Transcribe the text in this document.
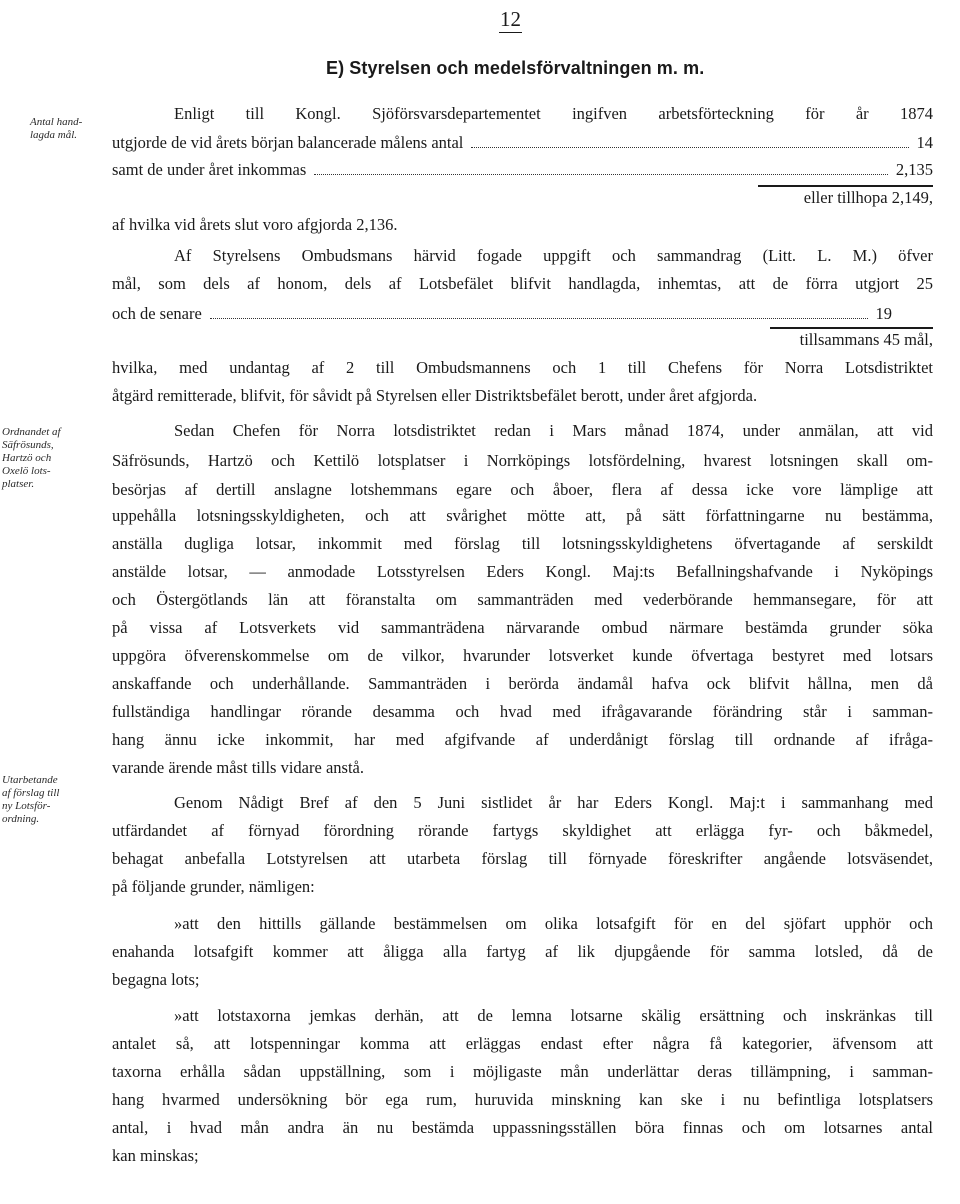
12
E) Styrelsen och medelsförvaltningen m. m.
Antal hand-
lagda mål.
Ordnandet af
Säfrösunds,
Hartzö och
Oxelö lots-
platser.
Utarbetande
af förslag till
ny Lotsför-
ordning.
Enligt till Kongl. Sjöförsvarsdepartementet ingifven arbetsförteckning för år 1874
utgjorde de vid årets början balancerade målens antal	14
samt de under året inkommas	2,135
eller tillhopa 2,149,
af hvilka vid årets slut voro afgjorda 2,136.
Af Styrelsens Ombudsmans härvid fogade uppgift och sammandrag (Litt. L. M.) öfver
mål, som dels af honom, dels af Lotsbefälet blifvit handlagda, inhemtas, att de förra utgjort 25
och de senare	19
tillsammans 45 mål,
hvilka, med undantag af 2 till Ombudsmannens och 1 till Chefens för Norra Lotsdistriktet
åtgärd remitterade, blifvit, för såvidt på Styrelsen eller Distriktsbefälet berott, under året afgjorda.
Sedan Chefen för Norra lotsdistriktet redan i Mars månad 1874, under anmälan, att vid
Säfrösunds, Hartzö och Kettilö lotsplatser i Norrköpings lotsfördelning, hvarest lotsningen skall om-
besörjas af dertill anslagne lotshemmans egare och åboer, flera af dessa icke vore lämplige att
uppehålla lotsningsskyldigheten, och att svårighet mötte att, på sätt författningarne nu bestämma,
anställa dugliga lotsar, inkommit med förslag till lotsningsskyldighetens öfvertagande af serskildt
anstälde lotsar, — anmodade Lotsstyrelsen Eders Kongl. Maj:ts Befallningshafvande i Nyköpings
och Östergötlands län att föranstalta om sammanträden med vederbörande hemmansegare, för att
på vissa af Lotsverkets vid sammanträdena närvarande ombud närmare bestämda grunder söka
uppgöra öfverenskommelse om de vilkor, hvarunder lotsverket kunde öfvertaga bestyret med lotsars
anskaffande och underhållande. Sammanträden i berörda ändamål hafva ock blifvit hållna, men då
fullständiga handlingar rörande desamma och hvad med ifrågavarande förändring står i samman-
hang ännu icke inkommit, har med afgifvande af underdånigt förslag till ordnande af ifråga-
varande ärende måst tills vidare anstå.
Genom Nådigt Bref af den 5 Juni sistlidet år har Eders Kongl. Maj:t i sammanhang med
utfärdandet af förnyad förordning rörande fartygs skyldighet att erlägga fyr- och båkmedel,
behagat anbefalla Lotstyrelsen att utarbeta förslag till förnyade föreskrifter angående lotsväsendet,
på följande grunder, nämligen:
»att den hittills gällande bestämmelsen om olika lotsafgift för en del sjöfart upphör och
enahanda lotsafgift kommer att åligga alla fartyg af lik djupgående för samma lotsled, då de
begagna lots;
»att lotstaxorna jemkas derhän, att de lemna lotsarne skälig ersättning och inskränkas till
antalet så, att lotspenningar komma att erläggas endast efter några få kategorier, äfvensom att
taxorna erhålla sådan uppställning, som i möjligaste mån underlättar deras tillämpning, i samman-
hang hvarmed undersökning bör ega rum, huruvida minskning kan ske i nu befintliga lotsplatsers
antal, i hvad mån andra än nu bestämda uppassningsställen böra finnas och om lotsarnes antal
kan minskas;
